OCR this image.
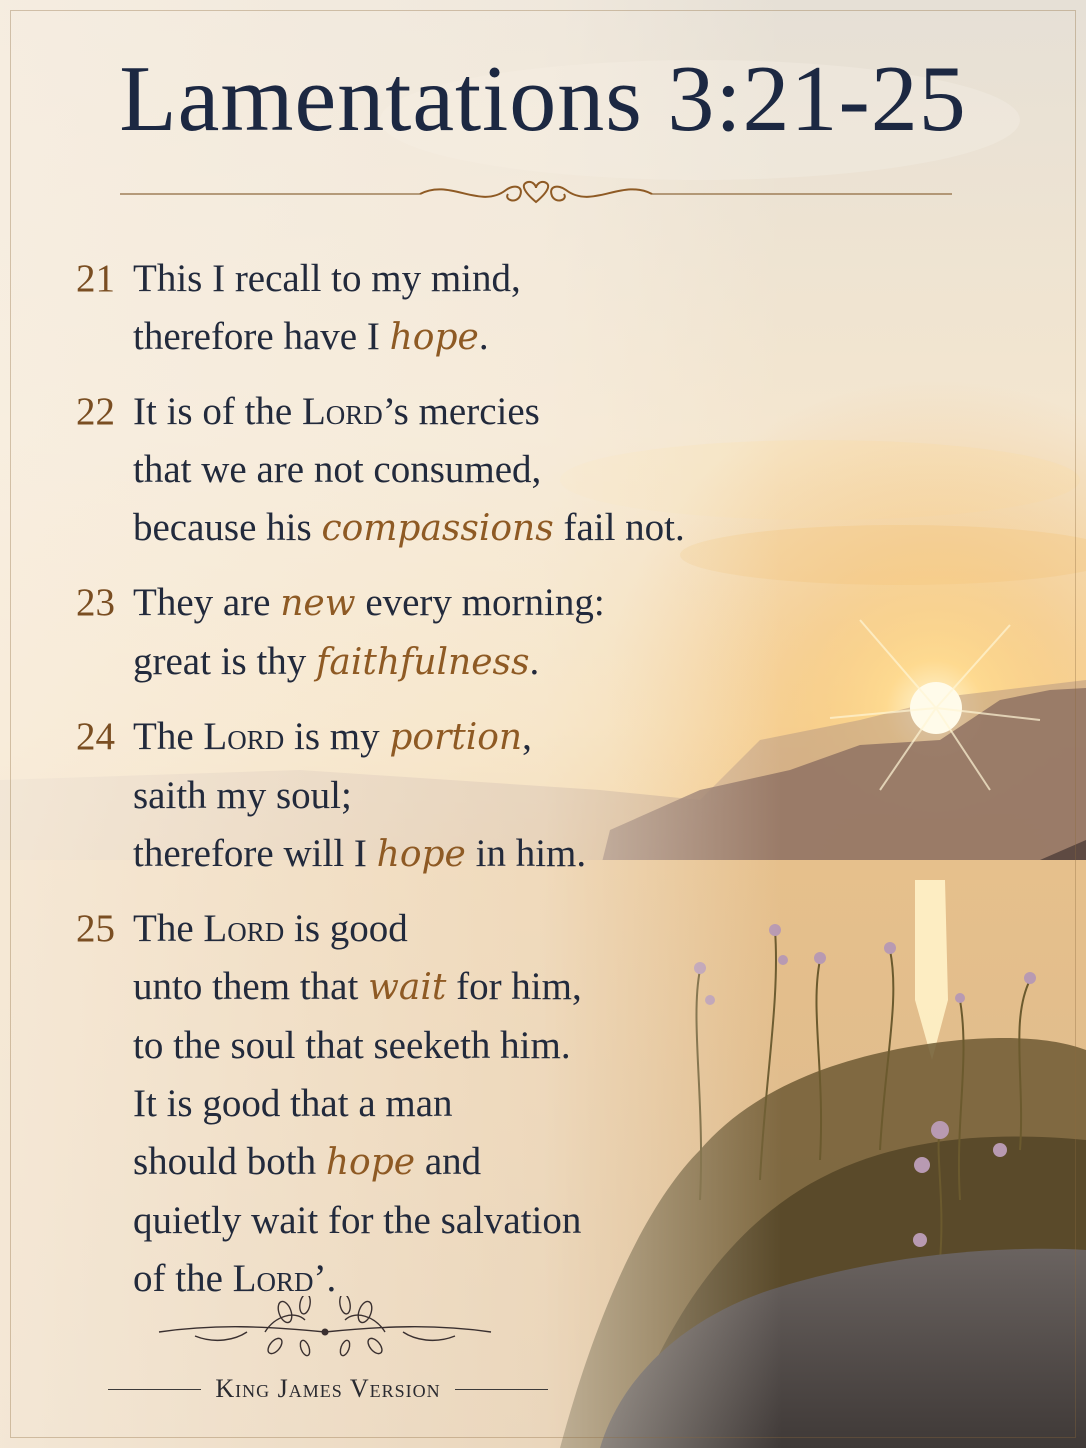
Lamentations 3:21-25
21 This I recall to my mind,
therefore have I hope.
22 It is of the Lord’s mercies
that we are not consumed,
because his compassions fail not.
23 They are new every morning:
great is thy faithfulness.
24 The Lord is my portion,
saith my soul;
therefore will I hope in him.
25 The Lord is good
unto them that wait for him,
to the soul that seeketh him.
It is good that a man
should both hope and
quietly wait for the salvation
of the Lord’.
King James Version
